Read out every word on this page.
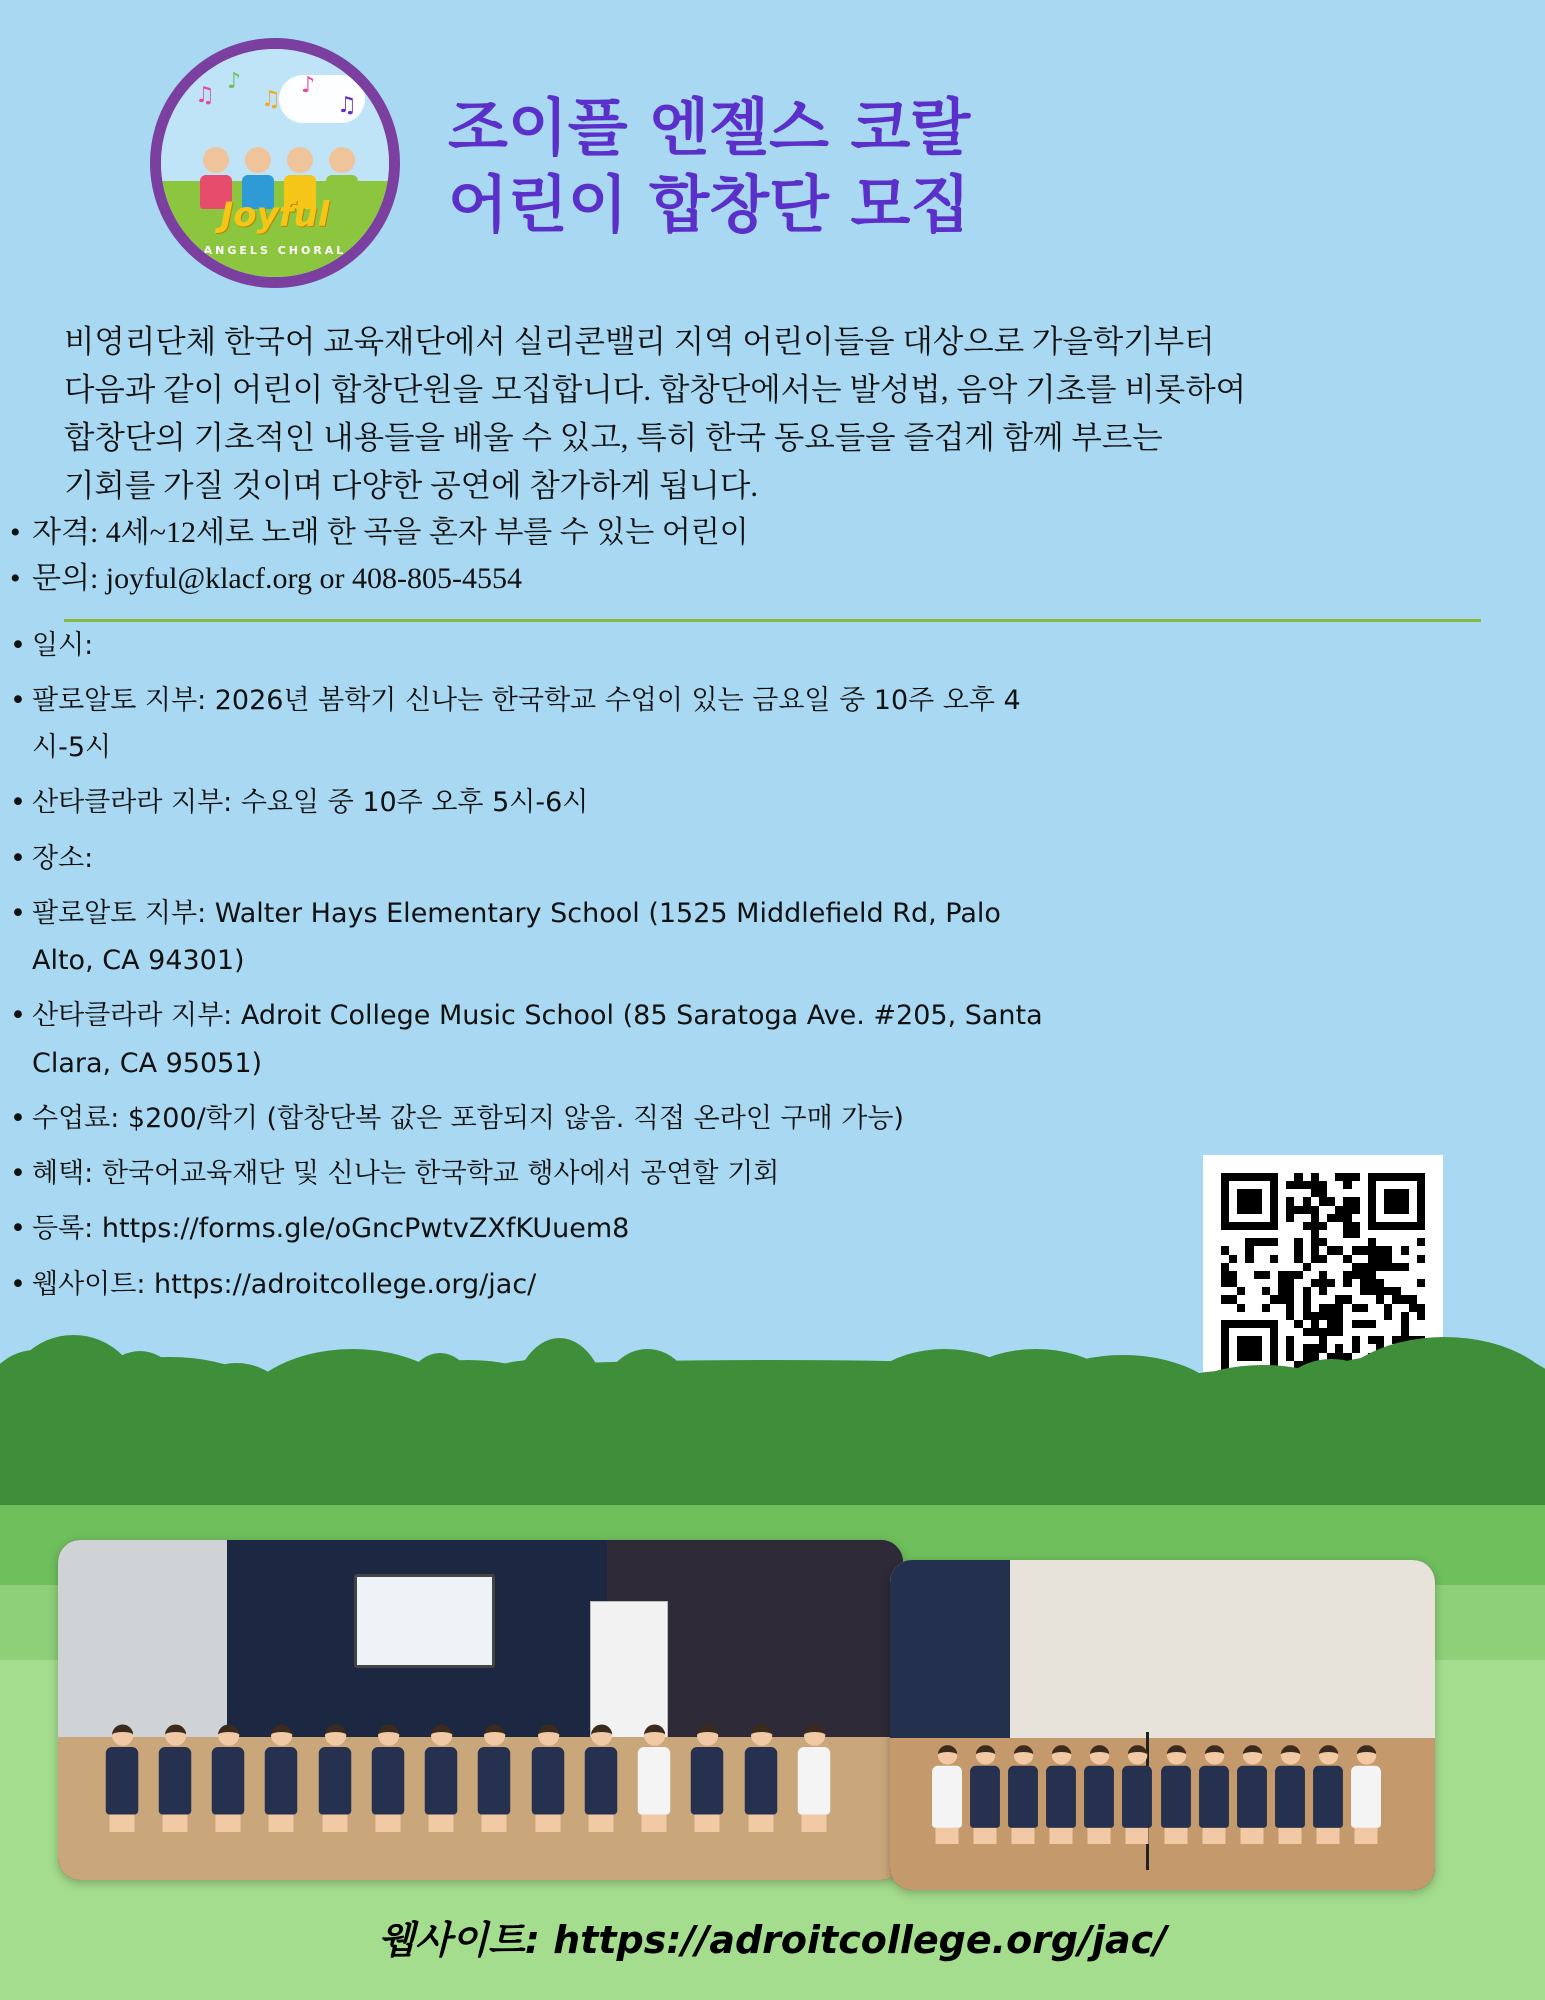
♫
♪
♫
♪
♫
Joyful
ANGELS CHORAL
조이플 엔젤스 코랄
어린이 합창단 모집
비영리단체 한국어 교육재단에서 실리콘밸리 지역 어린이들을 대상으로 가을학기부터
다음과 같이 어린이 합창단원을 모집합니다. 합창단에서는 발성법, 음악 기초를 비롯하여
합창단의 기초적인 내용들을 배울 수 있고, 특히 한국 동요들을 즐겁게 함께 부르는
기회를 가질 것이며 다양한 공연에 참가하게 됩니다.
• 자격: 4세~12세로 노래 한 곡을 혼자 부를 수 있는 어린이
• 문의: joyful@klacf.org or 408-805-4554
• 일시:
• 팔로알토 지부: 2026년 봄학기 신나는 한국학교 수업이 있는 금요일 중 10주 오후 4시-5시
• 산타클라라 지부: 수요일 중 10주 오후 5시-6시
• 장소:
• 팔로알토 지부: Walter Hays Elementary School (1525 Middlefield Rd, Palo Alto, CA 94301)
• 산타클라라 지부: Adroit College Music School (85 Saratoga Ave. #205, Santa Clara, CA 95051)
• 수업료: $200/학기 (합창단복 값은 포함되지 않음. 직접 온라인 구매 가능)
• 혜택: 한국어교육재단 및 신나는 한국학교 행사에서 공연할 기회
• 등록: https://forms.gle/oGncPwtvZXfKUuem8
• 웹사이트: https://adroitcollege.org/jac/
웹사이트: https://adroitcollege.org/jac/
